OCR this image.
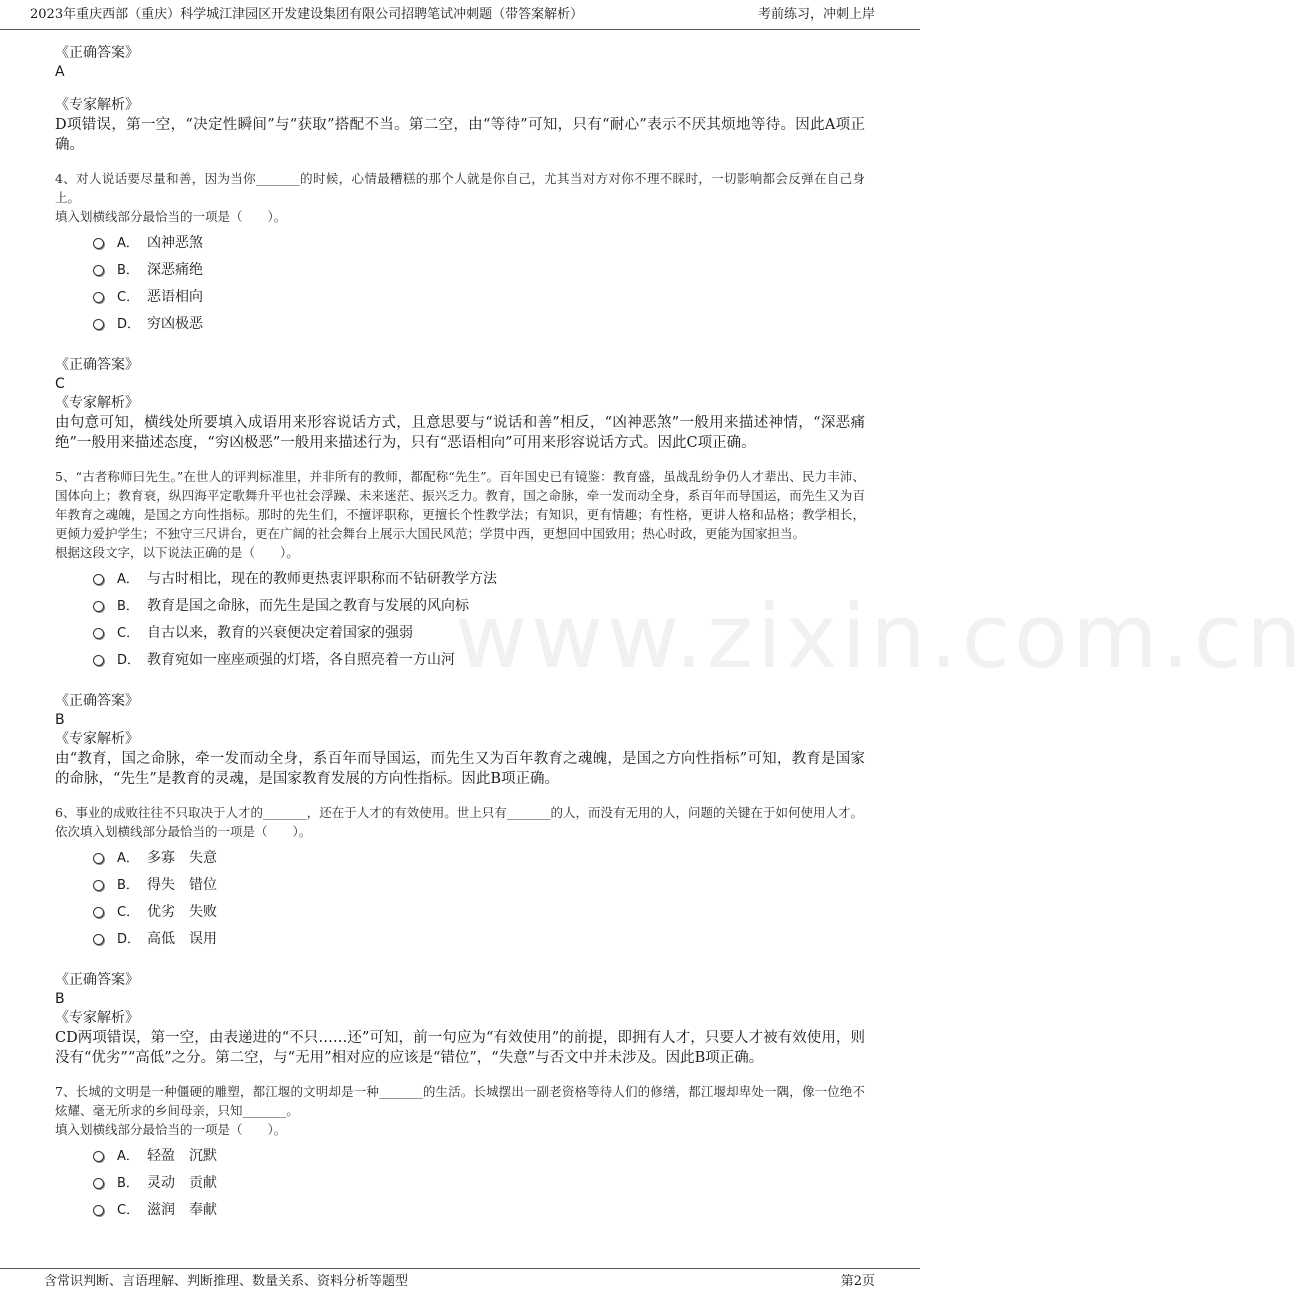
2023年重庆西部（重庆）科学城江津园区开发建设集团有限公司招聘笔试冲刺题（带答案解析）	考前练习，冲刺上岸
www.zixin.com.cn
《正确答案》
A
《专家解析》
D项错误，第一空，“决定性瞬间”与“获取”搭配不当。第二空，由“等待”可知，只有“耐心”表示不厌其烦地等待。因此A项正确。
4、对人说话要尽量和善，因为当你_______的时候，心情最糟糕的那个人就是你自己，尤其当对方对你不理不睬时，一切影响都会反弹在自己身上。
填入划横线部分最恰当的一项是（　　）。
A． 凶神恶煞
B． 深恶痛绝
C． 恶语相向
D． 穷凶极恶
《正确答案》
C
《专家解析》
由句意可知，横线处所要填入成语用来形容说话方式，且意思要与“说话和善”相反，“凶神恶煞”一般用来描述神情，“深恶痛绝”一般用来描述态度，“穷凶极恶”一般用来描述行为，只有“恶语相向”可用来形容说话方式。因此C项正确。
5、“古者称师曰先生。”在世人的评判标准里，并非所有的教师，都配称“先生”。百年国史已有镜鉴：教育盛，虽战乱纷争仍人才辈出、民力丰沛、国体向上；教育衰，纵四海平定歌舞升平也社会浮躁、未来迷茫、振兴乏力。教育，国之命脉，牵一发而动全身，系百年而导国运，而先生又为百年教育之魂魄，是国之方向性指标。那时的先生们，不擅评职称，更擅长个性教学法；有知识，更有情趣；有性格，更讲人格和品格；教学相长，更倾力爱护学生；不独守三尺讲台，更在广阔的社会舞台上展示大国民风范；学贯中西，更想回中国致用；热心时政，更能为国家担当。
根据这段文字，以下说法正确的是（　　）。
A． 与古时相比，现在的教师更热衷评职称而不钻研教学方法
B． 教育是国之命脉，而先生是国之教育与发展的风向标
C． 自古以来，教育的兴衰便决定着国家的强弱
D． 教育宛如一座座顽强的灯塔，各自照亮着一方山河
《正确答案》
B
《专家解析》
由“教育，国之命脉，牵一发而动全身，系百年而导国运，而先生又为百年教育之魂魄，是国之方向性指标”可知，教育是国家的命脉，“先生”是教育的灵魂，是国家教育发展的方向性指标。因此B项正确。
6、事业的成败往往不只取决于人才的_______，还在于人才的有效使用。世上只有_______的人，而没有无用的人，问题的关键在于如何使用人才。
依次填入划横线部分最恰当的一项是（　　）。
A． 多寡　失意
B． 得失　错位
C． 优劣　失败
D． 高低　误用
《正确答案》
B
《专家解析》
CD两项错误，第一空，由表递进的“不只……还”可知，前一句应为“有效使用”的前提，即拥有人才，只要人才被有效使用，则没有“优劣”“高低”之分。第二空，与“无用”相对应的应该是“错位”，“失意”与否文中并未涉及。因此B项正确。
7、长城的文明是一种僵硬的雕塑，都江堰的文明却是一种_______的生活。长城摆出一副老资格等待人们的修缮，都江堰却卑处一隅，像一位绝不炫耀、毫无所求的乡间母亲，只知_______。
填入划横线部分最恰当的一项是（　　）。
A． 轻盈　沉默
B． 灵动　贡献
C． 滋润　奉献
含常识判断、言语理解、判断推理、数量关系、资料分析等题型	第2页
